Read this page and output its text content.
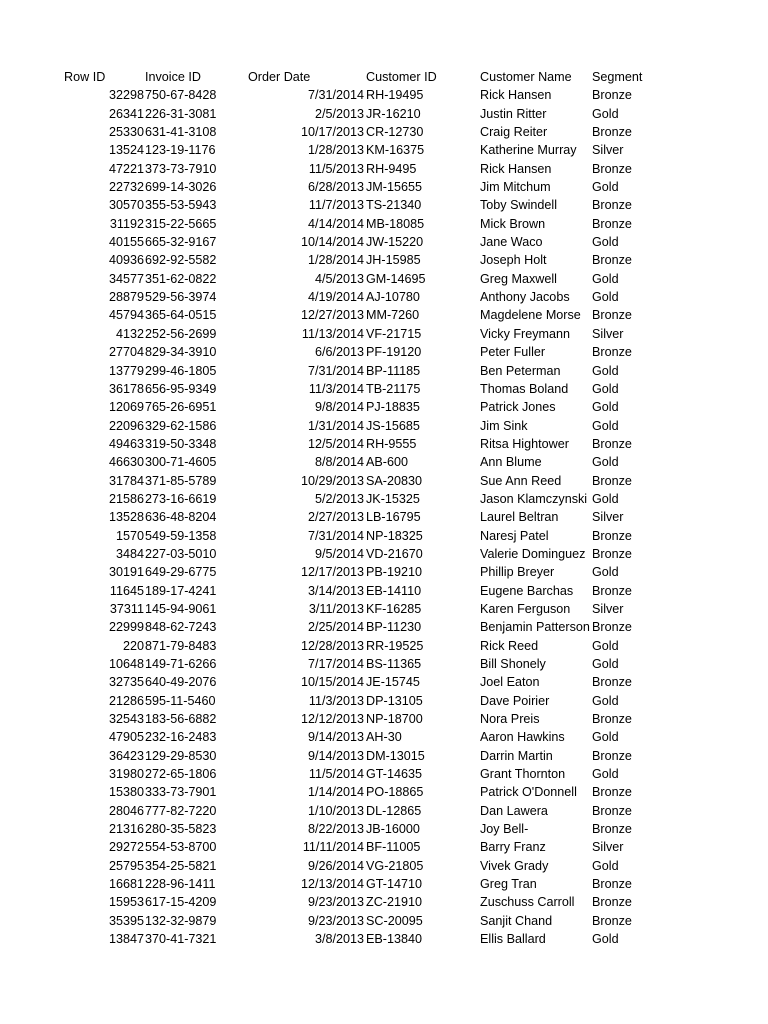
Row ID	Invoice ID	Order Date	Customer ID	Customer Name	Segment
32298 750-67-8428	7/31/2014 RH-19495	Rick Hansen	Bronze
26341 226-31-3081	2/5/2013 JR-16210	Justin Ritter	Gold
25330 631-41-3108	10/17/2013 CR-12730	Craig Reiter	Bronze
13524 123-19-1176	1/28/2013 KM-16375	Katherine Murray	Silver
47221 373-73-7910	11/5/2013 RH-9495	Rick Hansen	Bronze
22732 699-14-3026	6/28/2013 JM-15655	Jim Mitchum	Gold
30570 355-53-5943	11/7/2013 TS-21340	Toby Swindell	Bronze
31192 315-22-5665	4/14/2014 MB-18085	Mick Brown	Bronze
40155 665-32-9167	10/14/2014 JW-15220	Jane Waco	Gold
40936 692-92-5582	1/28/2014 JH-15985	Joseph Holt	Bronze
34577 351-62-0822	4/5/2013 GM-14695	Greg Maxwell	Gold
28879 529-56-3974	4/19/2014 AJ-10780	Anthony Jacobs	Gold
45794 365-64-0515	12/27/2013 MM-7260	Magdelene Morse Bronze
4132 252-56-2699	11/13/2014 VF-21715	Vicky Freymann	Silver
27704 829-34-3910	6/6/2013 PF-19120	Peter Fuller	Bronze
13779 299-46-1805	7/31/2014 BP-11185	Ben Peterman	Gold
36178 656-95-9349	11/3/2014 TB-21175	Thomas Boland	Gold
12069 765-26-6951	9/8/2014 PJ-18835	Patrick Jones	Gold
22096 329-62-1586	1/31/2014 JS-15685	Jim Sink	Gold
49463 319-50-3348	12/5/2014 RH-9555	Ritsa Hightower	Bronze
46630 300-71-4605	8/8/2014 AB-600	Ann Blume	Gold
31784 371-85-5789	10/29/2013 SA-20830	Sue Ann Reed	Bronze
21586 273-16-6619	5/2/2013 JK-15325	Jason Klamczynski Gold
13528 636-48-8204	2/27/2013 LB-16795	Laurel Beltran	Silver
1570 549-59-1358	7/31/2014 NP-18325	Naresj Patel	Bronze
3484 227-03-5010	9/5/2014 VD-21670	Valerie Dominguez Bronze
30191 649-29-6775	12/17/2013 PB-19210	Phillip Breyer	Gold
11645 189-17-4241	3/14/2013 EB-14110	Eugene Barchas	Bronze
37311 145-94-9061	3/11/2013 KF-16285	Karen Ferguson	Silver
22999 848-62-7243	2/25/2014 BP-11230	Benjamin Patterson Bronze
220 871-79-8483	12/28/2013 RR-19525	Rick Reed	Gold
10648 149-71-6266	7/17/2014 BS-11365	Bill Shonely	Gold
32735 640-49-2076	10/15/2014 JE-15745	Joel Eaton	Bronze
21286 595-11-5460	11/3/2013 DP-13105	Dave Poirier	Gold
32543 183-56-6882	12/12/2013 NP-18700	Nora Preis	Bronze
47905 232-16-2483	9/14/2013 AH-30	Aaron Hawkins	Gold
36423 129-29-8530	9/14/2013 DM-13015	Darrin Martin	Bronze
31980 272-65-1806	11/5/2014 GT-14635	Grant Thornton	Gold
15380 333-73-7901	1/14/2014 PO-18865	Patrick O'Donnell	Bronze
28046 777-82-7220	1/10/2013 DL-12865	Dan Lawera	Bronze
21316 280-35-5823	8/22/2013 JB-16000	Joy Bell-	Bronze
29272 554-53-8700	11/11/2014 BF-11005	Barry Franz	Silver
25795 354-25-5821	9/26/2014 VG-21805	Vivek Grady	Gold
16681 228-96-1411	12/13/2014 GT-14710	Greg Tran	Bronze
15953 617-15-4209	9/23/2013 ZC-21910	Zuschuss Carroll	Bronze
35395 132-32-9879	9/23/2013 SC-20095	Sanjit Chand	Bronze
13847 370-41-7321	3/8/2013 EB-13840	Ellis Ballard	Gold
